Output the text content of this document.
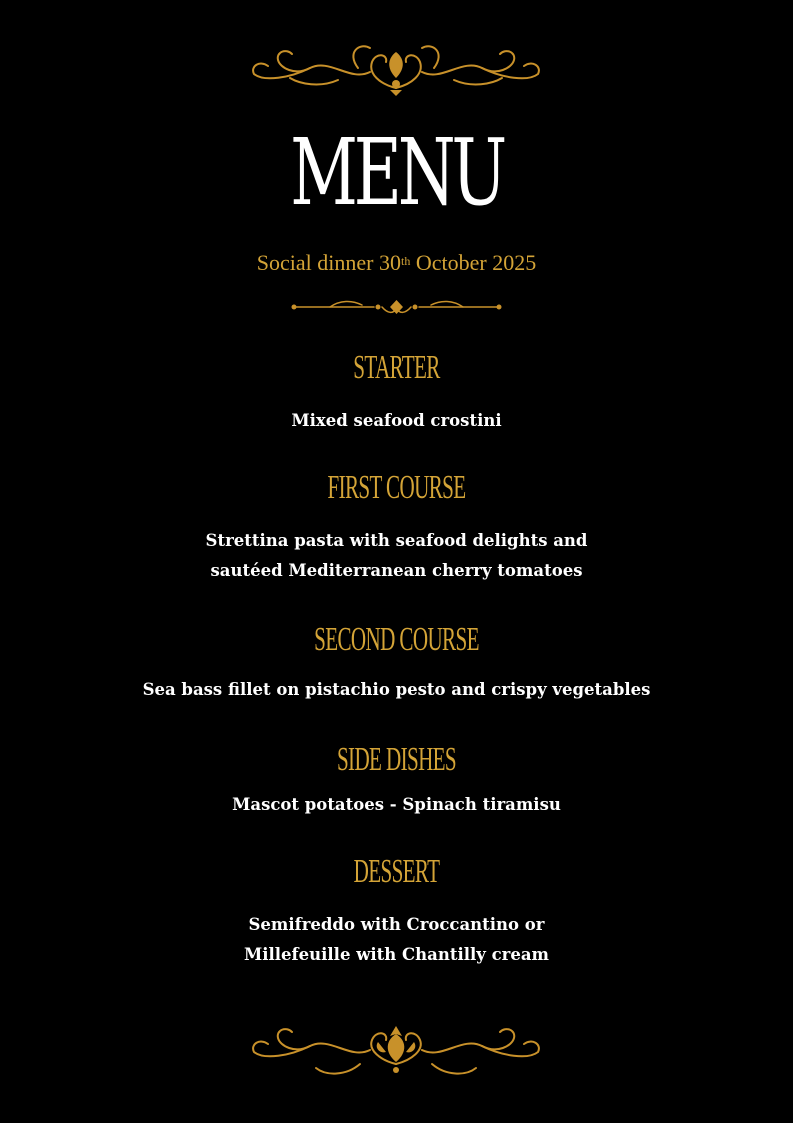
MENU
Social dinner 30th October 2025
STARTER
Mixed seafood crostini
FIRST COURSE
Strettina pasta with seafood delights and
sautéed Mediterranean cherry tomatoes
SECOND COURSE
Sea bass fillet on pistachio pesto and crispy vegetables
SIDE DISHES
Mascot potatoes - Spinach tiramisu
DESSERT
Semifreddo with Croccantino or
Millefeuille with Chantilly cream
